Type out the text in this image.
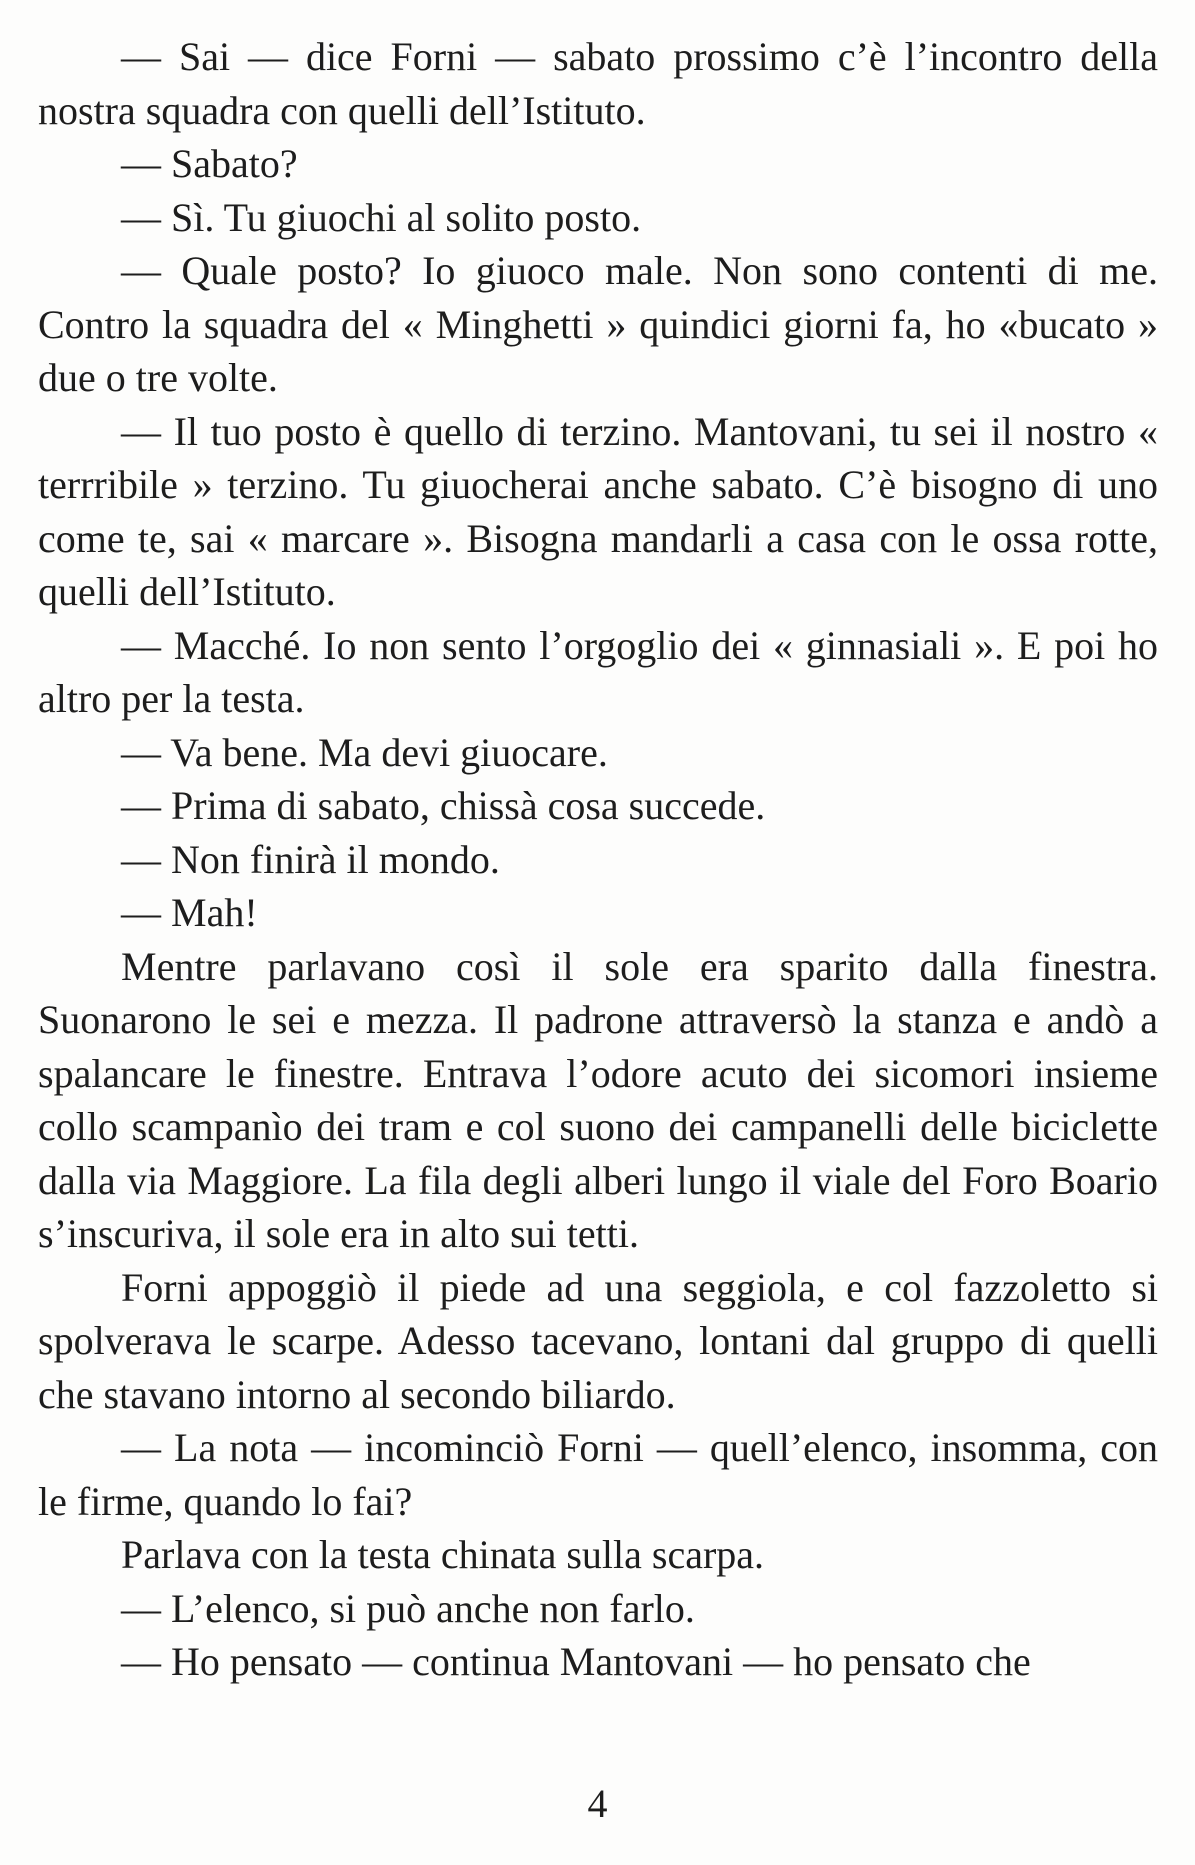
— Sai — dice Forni — sabato prossimo c’è l’incontro della nostra squadra con quelli dell’Istituto.

— Sabato?

— Sì. Tu giuochi al solito posto.

— Quale posto? Io giuoco male. Non sono contenti di me. Contro la squadra del « Minghetti » quindici giorni fa, ho «bucato » due o tre volte.

— Il tuo posto è quello di terzino. Mantovani, tu sei il nostro « terrribile » terzino. Tu giuocherai anche sabato. C’è bisogno di uno come te, sai « marcare ». Bisogna mandarli a casa con le ossa rotte, quelli dell’Istituto.

— Macché. Io non sento l’orgoglio dei « ginnasiali ». E poi ho altro per la testa.

— Va bene. Ma devi giuocare.

— Prima di sabato, chissà cosa succede.

— Non finirà il mondo.

— Mah!

Mentre parlavano così il sole era sparito dalla finestra. Suonarono le sei e mezza. Il padrone attraversò la stanza e andò a spalancare le finestre. Entrava l’odore acuto dei sicomori insieme collo scampanìo dei tram e col suono dei campanelli delle biciclette dalla via Maggiore. La fila degli alberi lungo il viale del Foro Boario s’inscuriva, il sole era in alto sui tetti.

Forni appoggiò il piede ad una seggiola, e col fazzoletto si spolverava le scarpe. Adesso tacevano, lontani dal gruppo di quelli che stavano intorno al secondo biliardo.

— La nota — incominciò Forni — quell’elenco, insomma, con le firme, quando lo fai?

Parlava con la testa chinata sulla scarpa.

— L’elenco, si può anche non farlo.

— Ho pensato — continua Mantovani — ho pensato che

4
